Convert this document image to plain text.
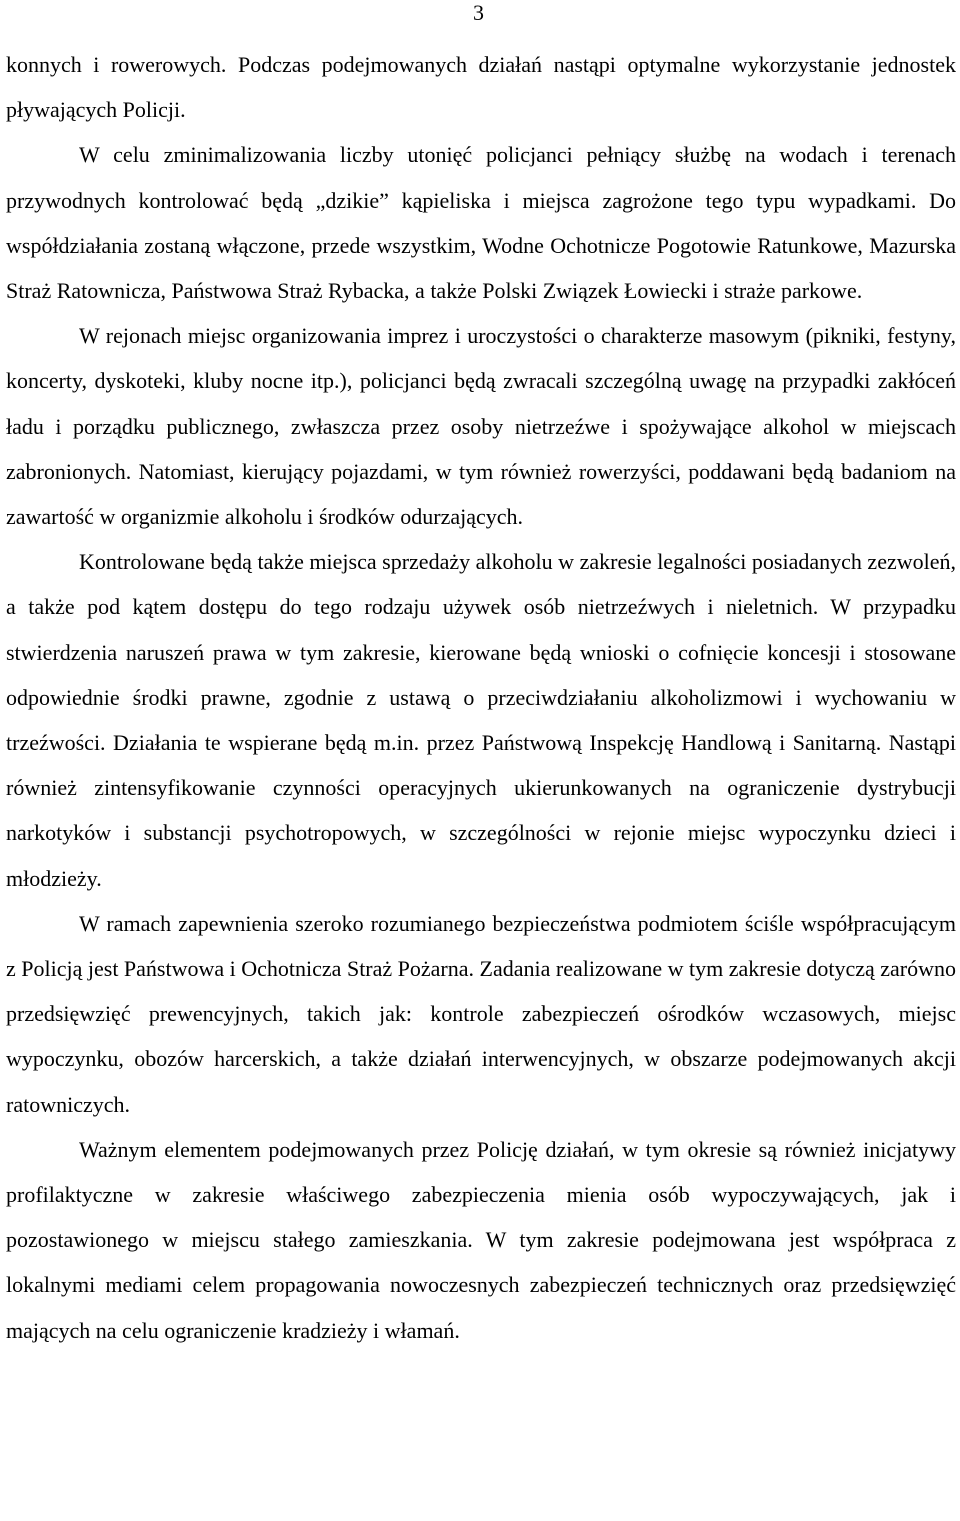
3

konnych i rowerowych. Podczas podejmowanych działań nastąpi optymalne wykorzystanie jednostek pływających Policji.

W celu zminimalizowania liczby utonięć policjanci pełniący służbę na wodach i terenach przywodnych kontrolować będą „dzikie” kąpieliska i miejsca zagrożone tego typu wypadkami. Do współdziałania zostaną włączone, przede wszystkim, Wodne Ochotnicze Pogotowie Ratunkowe, Mazurska Straż Ratownicza, Państwowa Straż Rybacka, a także Polski Związek Łowiecki i straże parkowe.

W rejonach miejsc organizowania imprez i uroczystości o charakterze masowym (pikniki, festyny, koncerty, dyskoteki, kluby nocne itp.), policjanci będą zwracali szczególną uwagę na przypadki zakłóceń ładu i porządku publicznego, zwłaszcza przez osoby nietrzeźwe i spożywające alkohol w miejscach zabronionych. Natomiast, kierujący pojazdami, w tym również rowerzyści, poddawani będą badaniom na zawartość w organizmie alkoholu i środków odurzających.

Kontrolowane będą także miejsca sprzedaży alkoholu w zakresie legalności posiadanych zezwoleń, a także pod kątem dostępu do tego rodzaju używek osób nietrzeźwych i nieletnich. W przypadku stwierdzenia naruszeń prawa w tym zakresie, kierowane będą wnioski o cofnięcie koncesji i stosowane odpowiednie środki prawne, zgodnie z ustawą o przeciwdziałaniu alkoholizmowi i wychowaniu w trzeźwości. Działania te wspierane będą m.in. przez Państwową Inspekcję Handlową i Sanitarną. Nastąpi również zintensyfikowanie czynności operacyjnych ukierunkowanych na ograniczenie dystrybucji narkotyków i substancji psychotropowych, w szczególności w rejonie miejsc wypoczynku dzieci i młodzieży.

W ramach zapewnienia szeroko rozumianego bezpieczeństwa podmiotem ściśle współpracującym z Policją jest Państwowa i Ochotnicza Straż Pożarna. Zadania realizowane w tym zakresie dotyczą zarówno przedsięwzięć prewencyjnych, takich jak: kontrole zabezpieczeń ośrodków wczasowych, miejsc wypoczynku, obozów harcerskich, a także działań interwencyjnych, w obszarze podejmowanych akcji ratowniczych.

Ważnym elementem podejmowanych przez Policję działań, w tym okresie są również inicjatywy profilaktyczne w zakresie właściwego zabezpieczenia mienia osób wypoczywających, jak i pozostawionego w miejscu stałego zamieszkania. W tym zakresie podejmowana jest współpraca z lokalnymi mediami celem propagowania nowoczesnych zabezpieczeń technicznych oraz przedsięwzięć mających na celu ograniczenie kradzieży i włamań.
